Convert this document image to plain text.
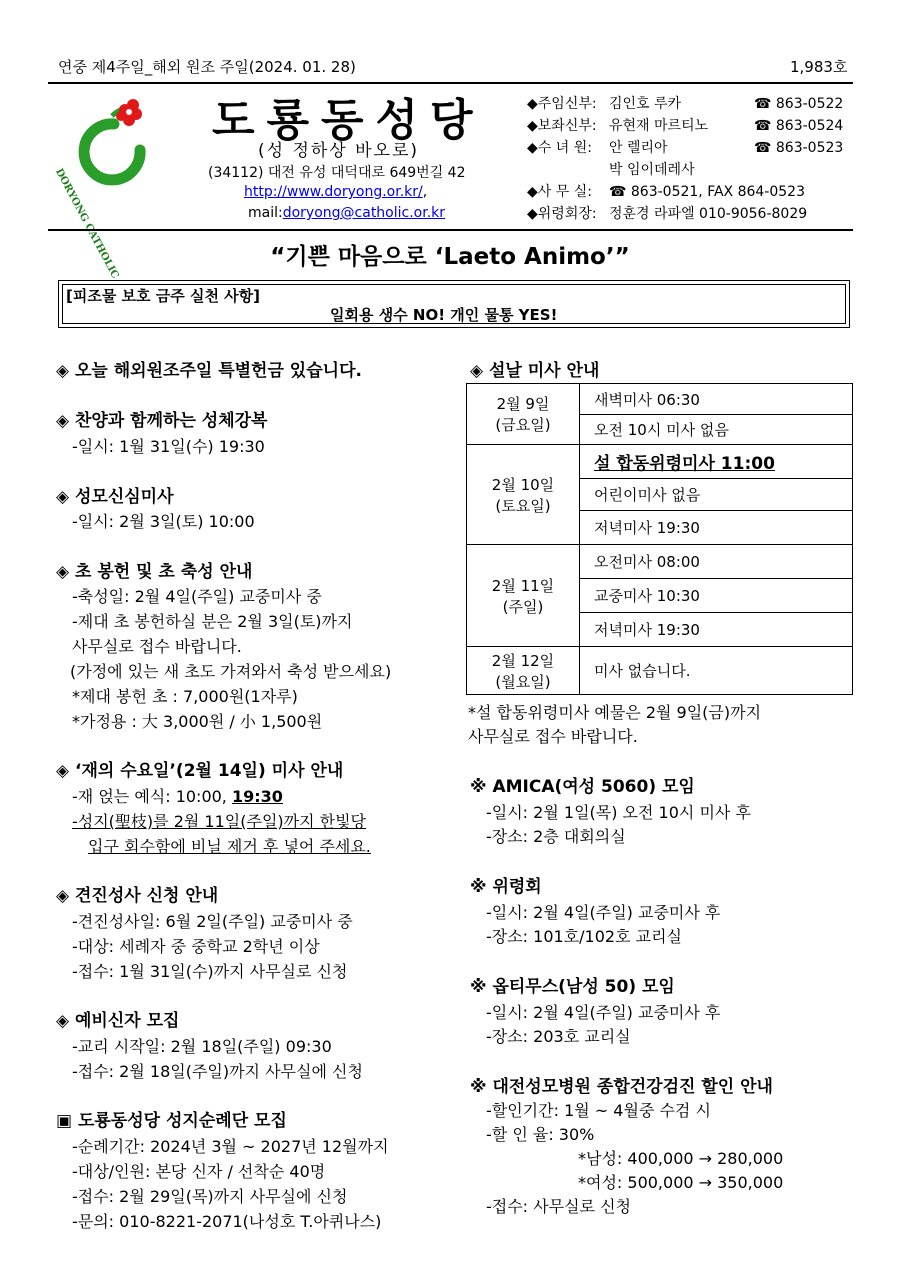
연중 제4주일_해외 원조 주일(2024. 01. 28)	1,983호
DORYONG CATHOLIC
도룡동성당
(성 정하상 바오로)
(34112) 대전 유성 대덕대로 649번길 42
http://www.doryong.or.kr/,
mail:doryong@catholic.or.kr
◆주임신부: 김인호 루카	☎ 863-0522
◆보좌신부: 유현재 마르티노	☎ 863-0524
◆수 녀 원: 안 렐리아	☎ 863-0523
박 임이데레사
◆사 무 실: ☎ 863-0521, FAX 864-0523
◆위령회장: 정훈경 라파엘 010-9056-8029
“기쁜 마음으로 ‘Laeto Animo’”
[피조물 보호 금주 실천 사항]
일회용 생수 NO! 개인 물통 YES!
◈ 오늘 해외원조주일 특별헌금 있습니다.
◈ 찬양과 함께하는 성체강복
-일시: 1월 31일(수) 19:30
◈ 성모신심미사
-일시: 2월 3일(토) 10:00
◈ 초 봉헌 및 초 축성 안내
-축성일: 2월 4일(주일) 교중미사 중
-제대 초 봉헌하실 분은 2월 3일(토)까지
사무실로 접수 바랍니다.
(가정에 있는 새 초도 가져와서 축성 받으세요)
*제대 봉헌 초 : 7,000원(1자루)
*가정용 : 大 3,000원 / 小 1,500원
◈ ‘재의 수요일’(2월 14일) 미사 안내
-재 얹는 예식: 10:00, 19:30
-성지(聖枝)를 2월 11일(주일)까지 한빛당
입구 회수함에 비닐 제거 후 넣어 주세요.
◈ 견진성사 신청 안내
-견진성사일: 6월 2일(주일) 교중미사 중
-대상: 세례자 중 중학교 2학년 이상
-접수: 1월 31일(수)까지 사무실로 신청
◈ 예비신자 모집
-교리 시작일: 2월 18일(주일) 09:30
-접수: 2월 18일(주일)까지 사무실에 신청
▣ 도룡동성당 성지순례단 모집
-순례기간: 2024년 3월 ~ 2027년 12월까지
-대상/인원: 본당 신자 / 선착순 40명
-접수: 2월 29일(목)까지 사무실에 신청
-문의: 010-8221-2071(나성호 T.아퀴나스)
◈ 설날 미사 안내
2월 9일
(금요일)	새벽미사 06:30
	오전 10시 미사 없음
2월 10일
(토요일)	설 합동위령미사 11:00
	어린이미사 없음
	저녁미사 19:30
2월 11일
(주일)	오전미사 08:00
	교중미사 10:30
	저녁미사 19:30
2월 12일
(월요일)	미사 없습니다.
*설 합동위령미사 예물은 2월 9일(금)까지
사무실로 접수 바랍니다.
※ AMICA(여성 5060) 모임
-일시: 2월 1일(목) 오전 10시 미사 후
-장소: 2층 대회의실
※ 위령회
-일시: 2월 4일(주일) 교중미사 후
-장소: 101호/102호 교리실
※ 옵티무스(남성 50) 모임
-일시: 2월 4일(주일) 교중미사 후
-장소: 203호 교리실
※ 대전성모병원 종합건강검진 할인 안내
-할인기간: 1월 ~ 4월중 수검 시
-할 인 율: 30%
*남성: 400,000 → 280,000
*여성: 500,000 → 350,000
-접수: 사무실로 신청
